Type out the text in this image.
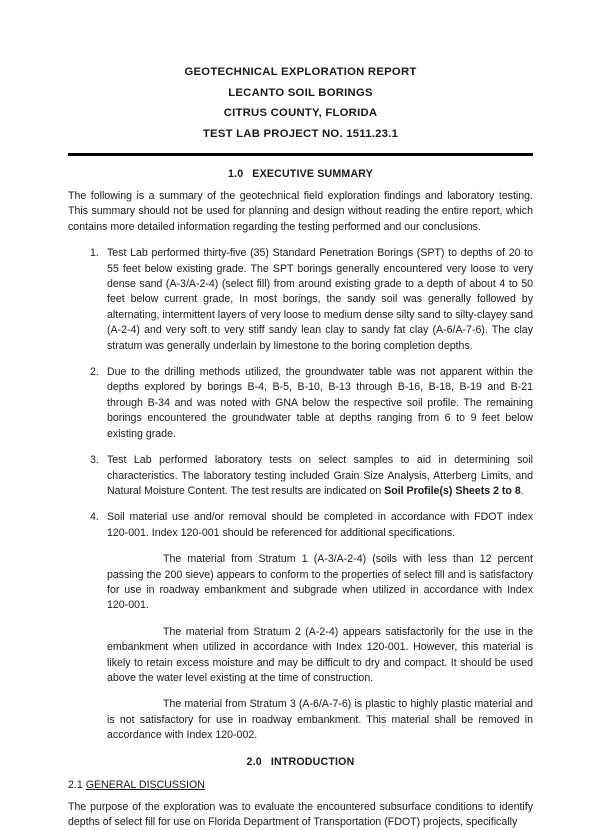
GEOTECHNICAL EXPLORATION REPORT
LECANTO SOIL BORINGS
CITRUS COUNTY, FLORIDA
TEST LAB PROJECT NO. 1511.23.1
1.0 EXECUTIVE SUMMARY

The following is a summary of the geotechnical field exploration findings and laboratory testing. This summary should not be used for planning and design without reading the entire report, which contains more detailed information regarding the testing performed and our conclusions.

1. Test Lab performed thirty-five (35) Standard Penetration Borings (SPT) to depths of 20 to 55 feet below existing grade. The SPT borings generally encountered very loose to very dense sand (A-3/A-2-4) (select fill) from around existing grade to a depth of about 4 to 50 feet below current grade, In most borings, the sandy soil was generally followed by alternating, intermittent layers of very loose to medium dense silty sand to silty-clayey sand (A-2-4) and very soft to very stiff sandy lean clay to sandy fat clay (A-6/A-7-6). The clay stratum was generally underlain by limestone to the boring completion depths.
2. Due to the drilling methods utilized, the groundwater table was not apparent within the depths explored by borings B-4, B-5, B-10, B-13 through B-16, B-18, B-19 and B-21 through B-34 and was noted with GNA below the respective soil profile. The remaining borings encountered the groundwater table at depths ranging from 6 to 9 feet below existing grade.
3. Test Lab performed laboratory tests on select samples to aid in determining soil characteristics. The laboratory testing included Grain Size Analysis, Atterberg Limits, and Natural Moisture Content. The test results are indicated on Soil Profile(s) Sheets 2 to 8.
4. Soil material use and/or removal should be completed in accordance with FDOT index 120-001. Index 120-001 should be referenced for additional specifications.
The material from Stratum 1 (A-3/A-2-4) (soils with less than 12 percent passing the 200 sieve) appears to conform to the properties of select fill and is satisfactory for use in roadway embankment and subgrade when utilized in accordance with Index 120-001.
The material from Stratum 2 (A-2-4) appears satisfactorily for the use in the embankment when utilized in accordance with Index 120-001. However, this material is likely to retain excess moisture and may be difficult to dry and compact. It should be used above the water level existing at the time of construction.
The material from Stratum 3 (A-6/A-7-6) is plastic to highly plastic material and is not satisfactory for use in roadway embankment. This material shall be removed in accordance with Index 120-002.
2.0 INTRODUCTION
2.1 GENERAL DISCUSSION

The purpose of the exploration was to evaluate the encountered subsurface conditions to identify depths of select fill for use on Florida Department of Transportation (FDOT) projects, specifically
